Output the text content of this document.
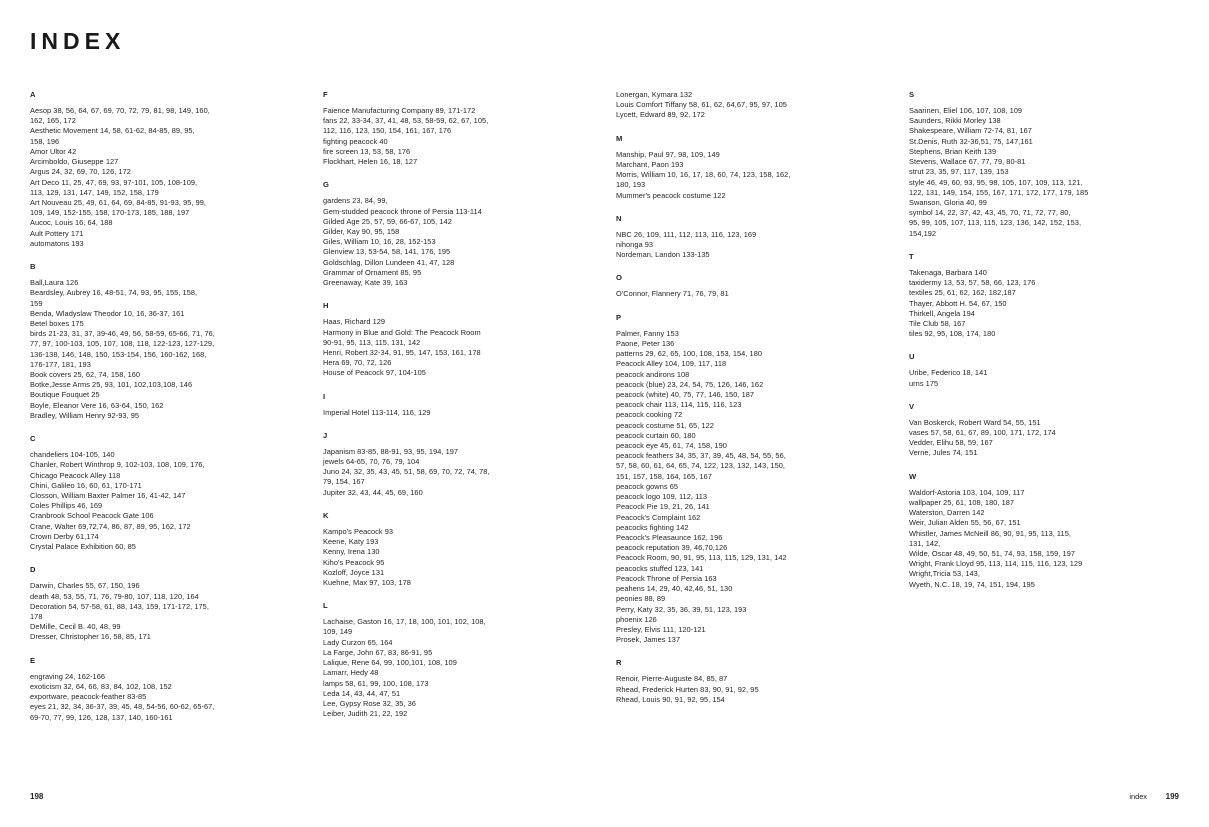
INDEX
A
Aesop 38, 56, 64, 67, 69, 70, 72, 79, 81, 98, 149, 160,
162, 165, 172
Aesthetic Movement 14, 58, 61-62, 84-85, 89, 95,
158, 196
Amor Ultor 42
Arcimboldo, Giuseppe 127
Argus 24, 32, 69, 70, 126, 172
Art Deco 11, 25, 47, 69, 93, 97-101, 105, 108-109,
113, 129, 131, 147, 149, 152, 158, 179
Art Nouveau 25, 49, 61, 64, 69, 84-85, 91-93, 95, 99,
109, 149, 152-155, 158, 170-173, 185, 188, 197
Aucoc, Louis 16, 64, 188
Ault Pottery 171
automatons 193
B
Ball,Laura 126
Beardsley, Aubrey 16, 48-51, 74, 93, 95, 155, 158,
159
Benda, Wladyslaw Theodor 10, 16, 36-37, 161
Betel boxes 175
birds 21-23, 31, 37, 39-46, 49, 56, 58-59, 65-66, 71, 76,
77, 97, 100-103, 105, 107, 108, 118, 122-123, 127-129,
136-138, 146, 148, 150, 153-154, 156, 160-162, 168,
176-177, 181, 193
Book covers 25, 62, 74, 158, 160
Botke,Jesse Arms 25, 93, 101, 102,103,108, 146
Boutique Fouquet 25
Boyle, Eleanor Vere 16, 63-64, 150, 162
Bradley, William Henry 92-93, 95
C
chandeliers 104-105, 140
Chanler, Robert Winthrop 9, 102-103, 108, 109, 176,
Chicago Peacock Alley 118
Chini, Galileo 16, 60, 61, 170-171
Closson, William Baxter Palmer 16, 41-42, 147
Coles Phillips 46, 169
Cranbrook School Peacock Gate 106
Crane, Walter 69,72,74, 86, 87, 89, 95, 162, 172
Crown Derby 61,174
Crystal Palace Exhibition 60, 85
D
Darwin, Charles 55, 67, 150, 196
death 48, 53, 55, 71, 76, 79-80, 107, 118, 120, 164
Decoration 54, 57-58, 61, 88, 143, 159, 171-172, 175,
178
DeMille, Cecil B. 40, 48, 99
Dresser, Christopher 16, 58, 85, 171
E
engraving 24, 162-166
exoticism 32, 64, 66, 83, 84, 102, 108, 152
exportware, peacock-feather 83-85
eyes 21, 32, 34, 36-37, 39, 45, 48, 54-56, 60-62, 65-67,
69-70, 77, 99, 126, 128, 137, 140, 160-161
F
Faience Manufacturing Company 89, 171-172
fans 22, 33-34, 37, 41, 48, 53, 58-59, 62, 67, 105,
112, 116, 123, 150, 154, 161, 167, 176
fighting peacock 40
fire screen 13, 53, 58, 176
Flockhart, Helen 16, 18, 127
G
gardens 23, 84, 99,
Gem-studded peacock throne of Persia 113-114
Gilded Age 25, 57, 59, 66-67, 105, 142
Gilder, Kay 90, 95, 158
Giles, William 10, 16, 28, 152-153
Glenview 13, 53-54, 58, 141, 176, 195
Goldschlag, Dillon Lundeen 41, 47, 128
Grammar of Ornament 85, 95
Greenaway, Kate 39, 163
H
Haas, Richard 129
Harmony in Blue and Gold: The Peacock Room
90-91, 95, 113, 115, 131, 142
Henri, Robert 32-34, 91, 95, 147, 153, 161, 178
Hera 69, 70, 72, 126
House of Peacock 97, 104-105
I
Imperial Hotel 113-114, 116, 129
J
Japanism 83-85, 88-91, 93, 95, 194, 197
jewels 64-65, 70, 76, 79, 104
Juno 24, 32, 35, 43, 45, 51, 58, 69, 70, 72, 74, 78,
79, 154, 167
Jupiter 32, 43, 44, 45, 69, 160
K
Kampo's Peacock 93
Keene, Katy 193
Kenny, Irena 130
Kiho's Peacock 95
Kozloff, Joyce 131
Kuehne, Max 97, 103, 178
L
Lachaise, Gaston 16, 17, 18, 100, 101, 102, 108,
109, 149
Lady Curzon 65, 164
La Farge, John 67, 83, 86-91, 95
Lalique, Rene 64, 99, 100,101, 108, 109
Lamarr, Hedy 48
lamps 58, 61, 99, 100, 108, 173
Leda 14, 43, 44, 47, 51
Lee, Gypsy Rose 32, 35, 36
Leiber, Judith 21, 22, 192
Lonergan, Kymara 132
Louis Comfort Tiffany 58, 61, 62, 64,67, 95, 97, 105
Lycett, Edward 89, 92, 172
M
Manship, Paul 97, 98, 109, 149
Marchant, Paon 193
Morris, William 10, 16, 17, 18, 60, 74, 123, 158, 162,
180, 193
Mummer's peacock costume 122
N
NBC 26, 109, 111, 112, 113, 116, 123, 169
nihonga 93
Nordeman, Landon 133-135
O
O'Connor, Flannery 71, 76, 79, 81
P
Palmer, Fanny 153
Paone, Peter 136
patterns 29, 62, 65, 100, 108, 153, 154, 180
Peacock Alley 104, 109, 117, 118
peacock andirons 108
peacock (blue) 23, 24, 54, 75, 126, 146, 162
peacock (white) 40, 75, 77, 146, 150, 187
peacock chair 113, 114, 115, 116, 123
peacock cooking 72
peacock costume 51, 65, 122
peacock curtain 60, 180
peacock eye 45, 61, 74, 158, 190
peacock feathers 34, 35, 37, 39, 45, 48, 54, 55, 56,
57, 58, 60, 61, 64, 65, 74, 122, 123, 132, 143, 150,
151, 157, 158, 164, 165, 167
peacock gowns 65
peacock logo 109, 112, 113
Peacock Pie 19, 21, 26, 141
Peacock's Complaint 162
peacocks fighting 142
Peacock's Pleasaunce 162, 196
peacock reputation 39, 46,70,126
Peacock Room, 90, 91, 95, 113, 115, 129, 131, 142
peacocks stuffed 123, 141
Peacock Throne of Persia 163
peahens 14, 29, 40, 42,46, 51, 130
peonies 88, 89
Perry, Katy 32, 35, 36, 39, 51, 123, 193
phoenix 126
Presley, Elvis 111, 120-121
Prosek, James 137
R
Renoir, Pierre-Auguste 84, 85, 87
Rhead, Frederick Hurten 83, 90, 91, 92, 95
Rhead, Louis 90, 91, 92, 95, 154
S
Saarinen, Eliel 106, 107, 108, 109
Saunders, Rikki Morley 138
Shakespeare, William 72-74, 81, 167
St.Denis, Ruth 32-36,51, 75, 147,161
Stephens, Brian Keith 139
Stevens, Wallace 67, 77, 79, 80-81
strut 23, 35, 97, 117, 139, 153
style 46, 49, 60, 93, 95, 98, 105, 107, 109, 113, 121,
122, 131, 149, 154, 155, 167, 171, 172, 177, 179, 185
Swanson, Gloria 40, 99
symbol 14, 22, 37, 42, 43, 45, 70, 71, 72, 77, 80,
95, 99, 105, 107, 113, 115, 123, 136, 142, 152, 153,
154,192
T
Takenaga, Barbara 140
taxidermy 13, 53, 57, 58, 66, 123, 176
textiles 25, 61, 62, 162, 182,187
Thayer, Abbott H. 54, 67, 150
Thirkell, Angela 194
Tile Club 58, 167
tiles 92, 95, 108, 174, 180
U
Uribe, Federico 18, 141
urns 175
V
Van Boskerck, Robert Ward 54, 55, 151
vases 57, 58, 61, 67, 89, 100, 171, 172, 174
Vedder, Elihu 58, 59, 167
Verne, Jules 74, 151
W
Waldorf-Astoria 103, 104, 109, 117
wallpaper 25, 61, 108, 180, 187
Waterston, Darren 142
Weir, Julian Alden 55, 56, 67, 151
Whistler, James McNeill 86, 90, 91, 95, 113, 115,
131, 142,
Wilde, Oscar 48, 49, 50, 51, 74, 93, 158, 159, 197
Wright, Frank Lloyd 95, 113, 114, 115, 116, 123, 129
Wright,Tricia 53, 143,
Wyeth, N.C. 18, 19, 74, 151, 194, 195
198	index 199
